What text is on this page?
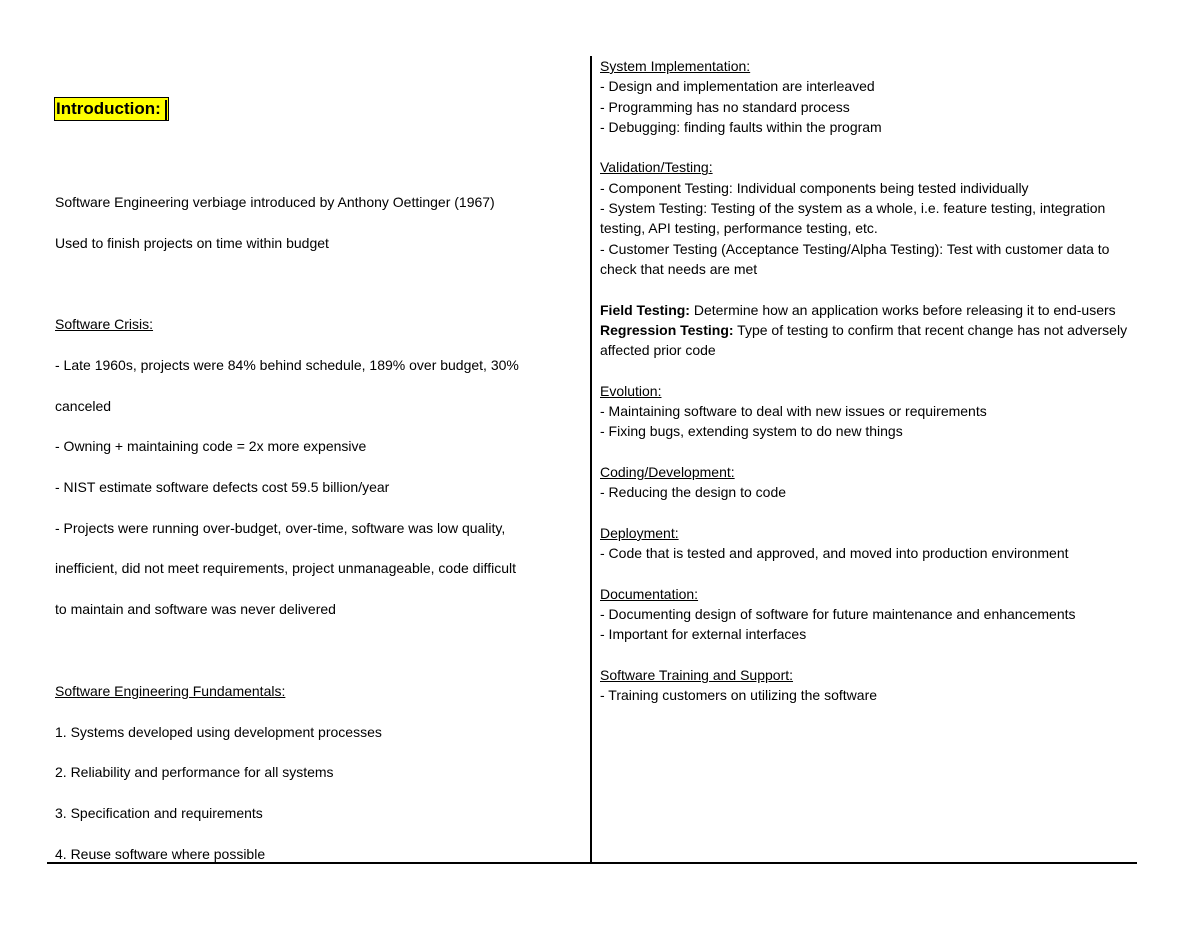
Introduction:
Software Engineering verbiage introduced by Anthony Oettinger (1967)
Used to finish projects on time within budget
Software Crisis:
- Late 1960s, projects were 84% behind schedule, 189% over budget, 30%
canceled
- Owning + maintaining code = 2x more expensive
- NIST estimate software defects cost 59.5 billion/year
- Projects were running over-budget, over-time, software was low quality,
inefficient, did not meet requirements, project unmanageable, code difficult
to maintain and software was never delivered
Software Engineering Fundamentals:
1. Systems developed using development processes
2. Reliability and performance for all systems
3. Specification and requirements
4. Reuse software where possible
System Implementation:
- Design and implementation are interleaved
- Programming has no standard process
- Debugging: finding faults within the program
Validation/Testing:
- Component Testing: Individual components being tested individually
- System Testing: Testing of the system as a whole, i.e. feature testing, integration testing, API testing, performance testing, etc.
- Customer Testing (Acceptance Testing/Alpha Testing): Test with customer data to check that needs are met
Field Testing: Determine how an application works before releasing it to end-users
Regression Testing: Type of testing to confirm that recent change has not adversely affected prior code
Evolution:
- Maintaining software to deal with new issues or requirements
- Fixing bugs, extending system to do new things
Coding/Development:
- Reducing the design to code
Deployment:
- Code that is tested and approved, and moved into production environment
Documentation:
- Documenting design of software for future maintenance and enhancements
- Important for external interfaces
Software Training and Support:
- Training customers on utilizing the software
